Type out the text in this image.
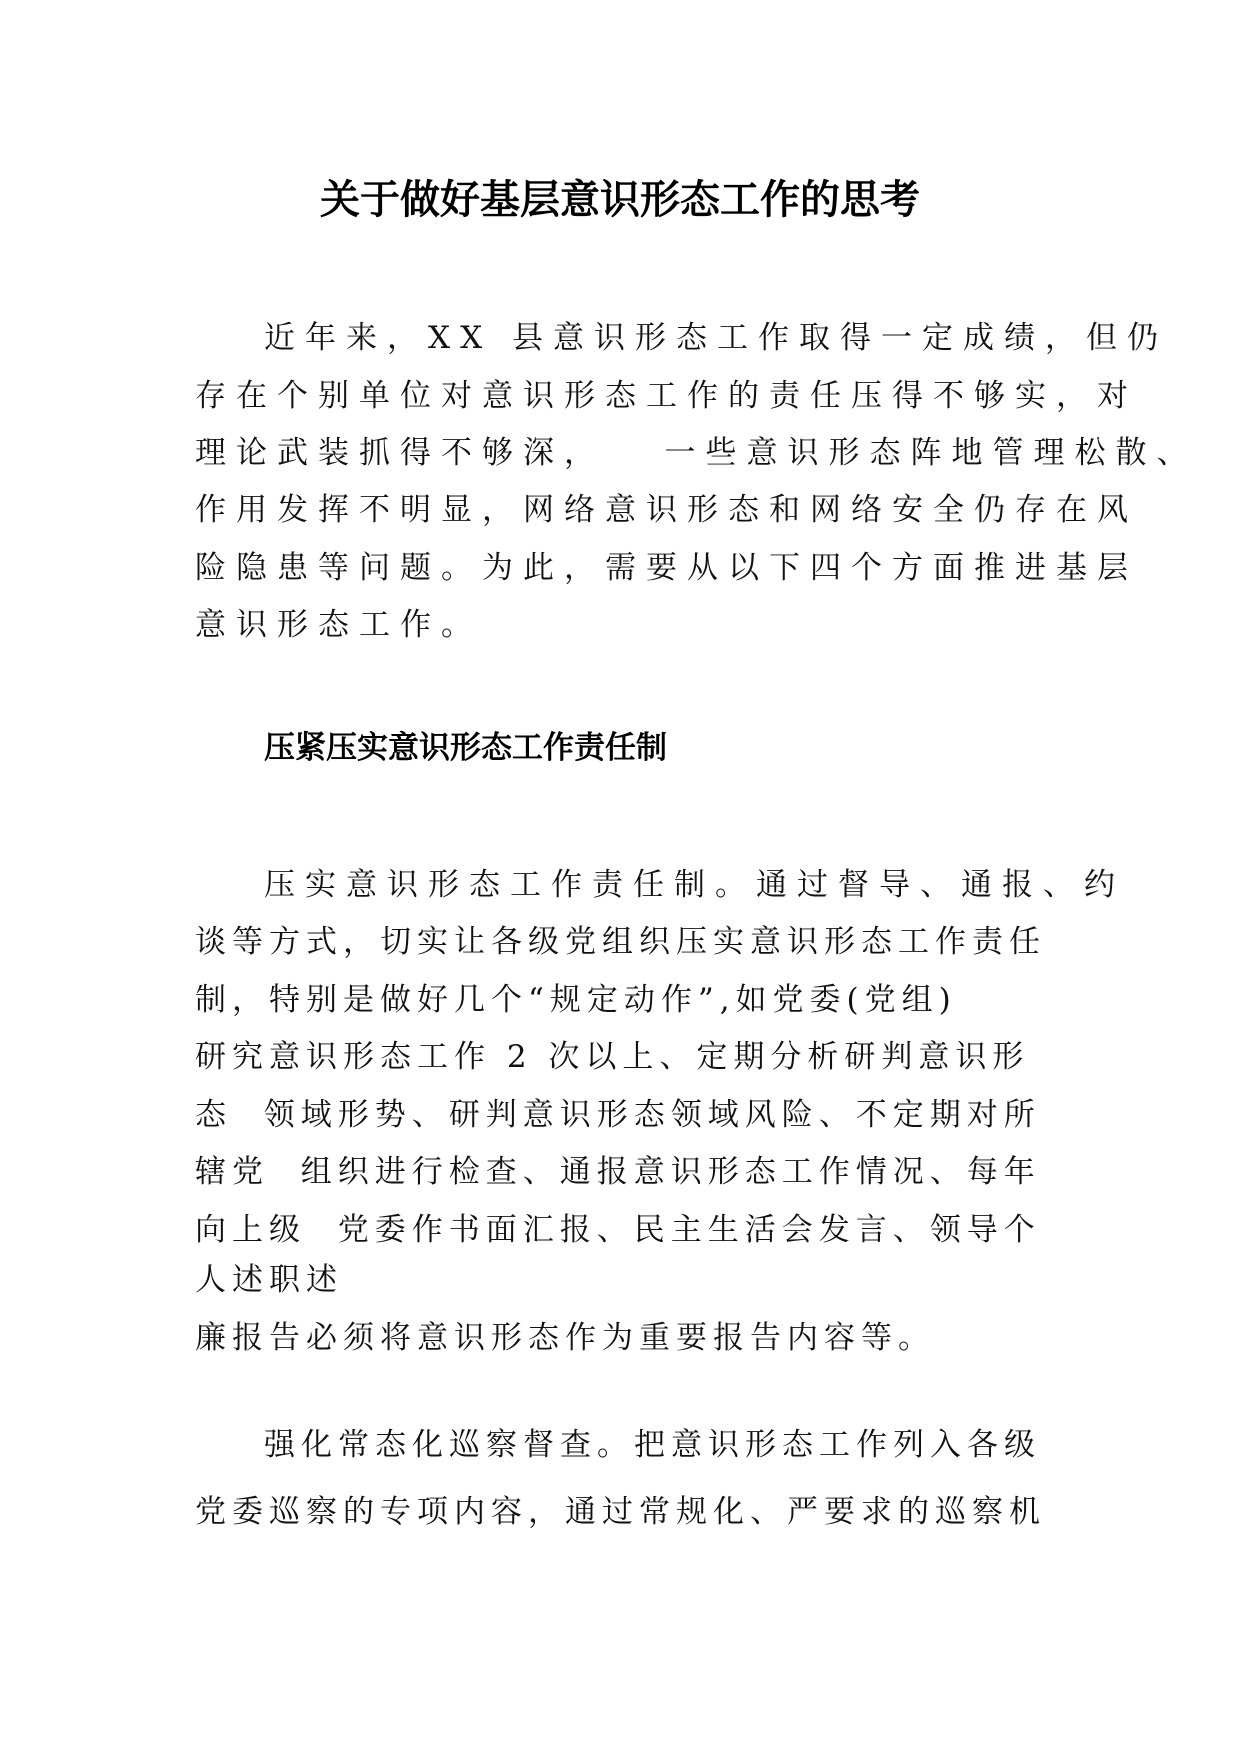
关于做好基层意识形态工作的思考

近年来，XX 县意识形态工作取得一定成绩，但仍

存在个别单位对意识形态工作的责任压得不够实，对

理论武装抓得不够深，   一些意识形态阵地管理松散、

作用发挥不明显，网络意识形态和网络安全仍存在风

险隐患等问题。为此，需要从以下四个方面推进基层

意识形态工作。

压紧压实意识形态工作责任制

压实意识形态工作责任制。通过督导、通报、约

谈等方式，切实让各级党组织压实意识形态工作责任

制，特别是做好几个“规定动作”,如党委(党组)

研究意识形态工作 2 次以上、定期分析研判意识形

态  领域形势、研判意识形态领域风险、不定期对所

辖党  组织进行检查、通报意识形态工作情况、每年

向上级  党委作书面汇报、民主生活会发言、领导个

人述职述

廉报告必须将意识形态作为重要报告内容等。

强化常态化巡察督查。把意识形态工作列入各级

党委巡察的专项内容，通过常规化、严要求的巡察机
